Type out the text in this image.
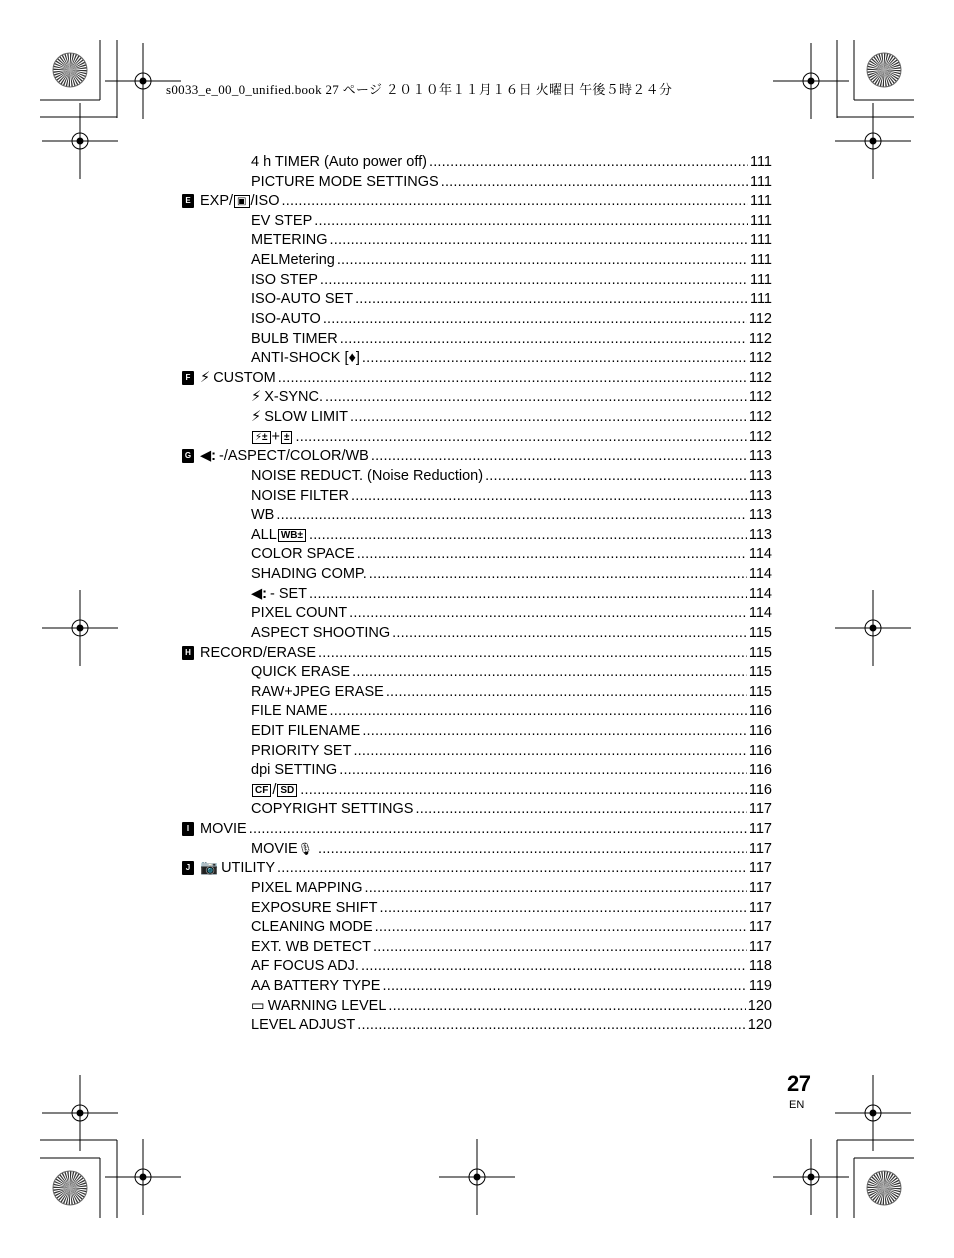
s0033_e_00_0_unified.book 27 ページ ２０１０年１１月１６日 火曜日 午後５時２４分
4 h TIMER (Auto power off) .....	111
PICTURE MODE SETTINGS .....	111
E EXP/ ▣ /ISO .....	111
EV STEP .....	111
METERING .....	111
AELMetering .....	111
ISO STEP .....	111
ISO-AUTO SET .....	111
ISO-AUTO .....	112
BULB TIMER .....	112
ANTI-SHOCK [♦] .....	112
F ⚡ CUSTOM .....	112
⚡ X-SYNC. .....	112
⚡ SLOW LIMIT .....	112
⚡± + ± .....	112
G ◀: -/ASPECT/COLOR/WB .....	113
NOISE REDUCT. (Noise Reduction) .....	113
NOISE FILTER .....	113
WB .....	113
ALL WB± .....	113
COLOR SPACE .....	114
SHADING COMP. .....	114
◀: - SET .....	114
PIXEL COUNT .....	114
ASPECT SHOOTING .....	115
H RECORD/ERASE .....	115
QUICK ERASE .....	115
RAW+JPEG ERASE .....	115
FILE NAME .....	116
EDIT FILENAME .....	116
PRIORITY SET .....	116
dpi SETTING .....	116
CF / SD .....	116
COPYRIGHT SETTINGS .....	117
I MOVIE .....	117
MOVIE 🎙 .....	117
J 📷 UTILITY .....	117
PIXEL MAPPING .....	117
EXPOSURE SHIFT .....	117
CLEANING MODE .....	117
EXT. WB DETECT .....	117
AF FOCUS ADJ. .....	118
AA BATTERY TYPE .....	119
▭ WARNING LEVEL .....	120
LEVEL ADJUST .....	120
27
EN
